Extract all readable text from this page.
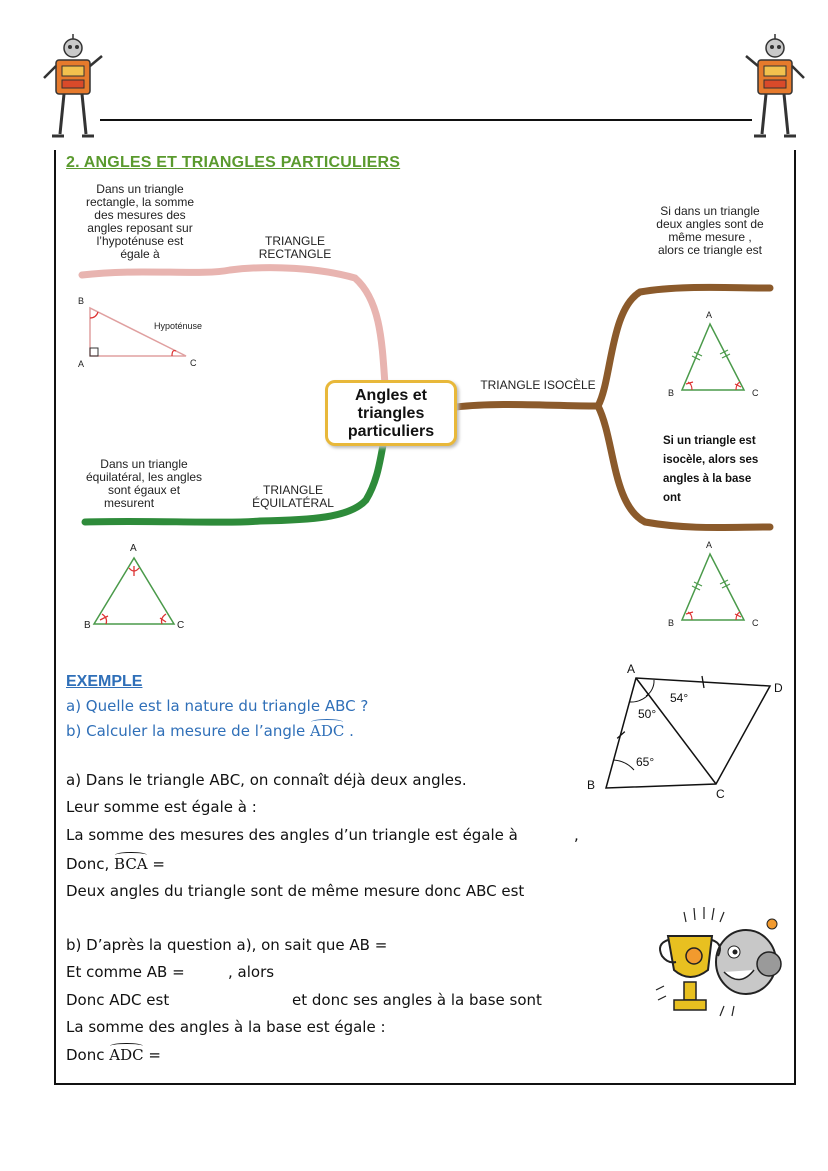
2. ANGLES ET TRIANGLES PARTICULIERS
Angles et
triangles
particuliers
TRIANGLE
RECTANGLE
Dans un triangle
rectangle, la somme
des mesures des
angles reposant sur
l’hypoténuse est
égale à
B
A	C
Hypoténuse
TRIANGLE
ÉQUILATÉRAL
Dans un triangle
équilatéral, les angles
sont égaux et
mesurent
A
B	C
TRIANGLE ISOCÈLE
Si dans un triangle
deux angles sont de
même mesure ,
alors ce triangle est
A
B	C
Si un triangle est
isocèle, alors ses
angles à la base
ont
A
B	C
EXEMPLE
a) Quelle est la nature du triangle ABC ?
b) Calculer la mesure de l’angle ADC .
a) Dans le triangle ABC, on connaît déjà deux angles.
Leur somme est égale à :
La somme des mesures des angles d’un triangle est égale à	,
Donc, BCA =
Deux angles du triangle sont de même mesure donc ABC est
b) D’après la question a), on sait que AB =
Et comme AB =	, alors
Donc ADC est	et donc ses angles à la base sont
La somme des angles à la base est égale :
Donc ADC =
A
B
C
D
54°
50°
65°
